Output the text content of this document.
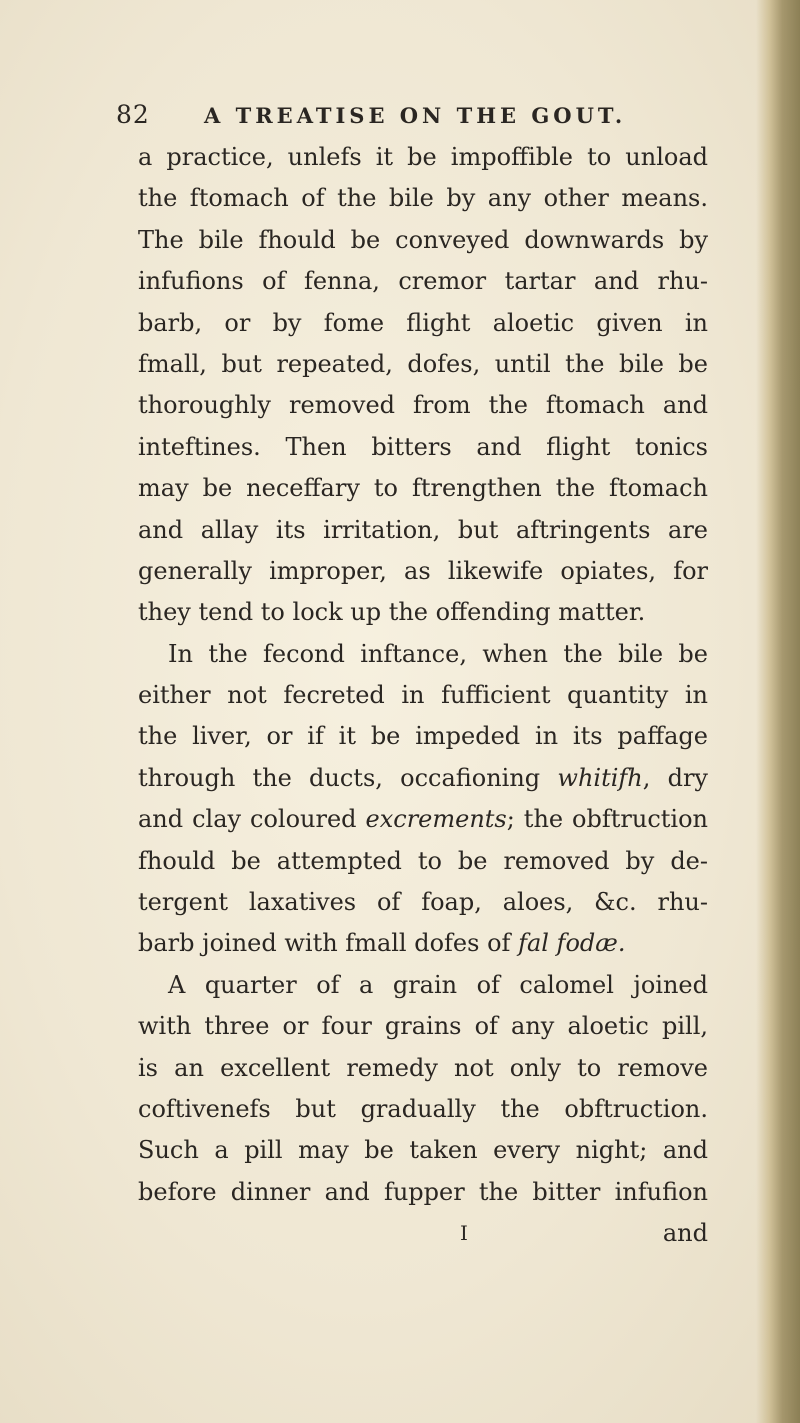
82	A TREATISE ON THE GOUT.
a practice, unlefs it be impoffible to unload
the ftomach of the bile by any other means.
The bile fhould be conveyed downwards by
infufions of fenna, cremor tartar and rhu-
barb, or by fome flight aloetic given in
fmall, but repeated, dofes, until the bile be
thoroughly removed from the ftomach and
inteftines. Then bitters and flight tonics
may be neceffary to ftrengthen the ftomach
and allay its irritation, but aftringents are
generally improper, as likewife opiates, for
they tend to lock up the offending matter.
In the fecond inftance, when the bile be
either not fecreted in fufficient quantity in
the liver, or if it be impeded in its paffage
through the ducts, occafioning whitifh, dry
and clay coloured excrements; the obftruction
fhould be attempted to be removed by de-
tergent laxatives of foap, aloes, &c. rhu-
barb joined with fmall dofes of fal fodæ.
A quarter of a grain of calomel joined
with three or four grains of any aloetic pill,
is an excellent remedy not only to remove
coftivenefs but gradually the obftruction.
Such a pill may be taken every night; and
before dinner and fupper the bitter infufion
I	and
